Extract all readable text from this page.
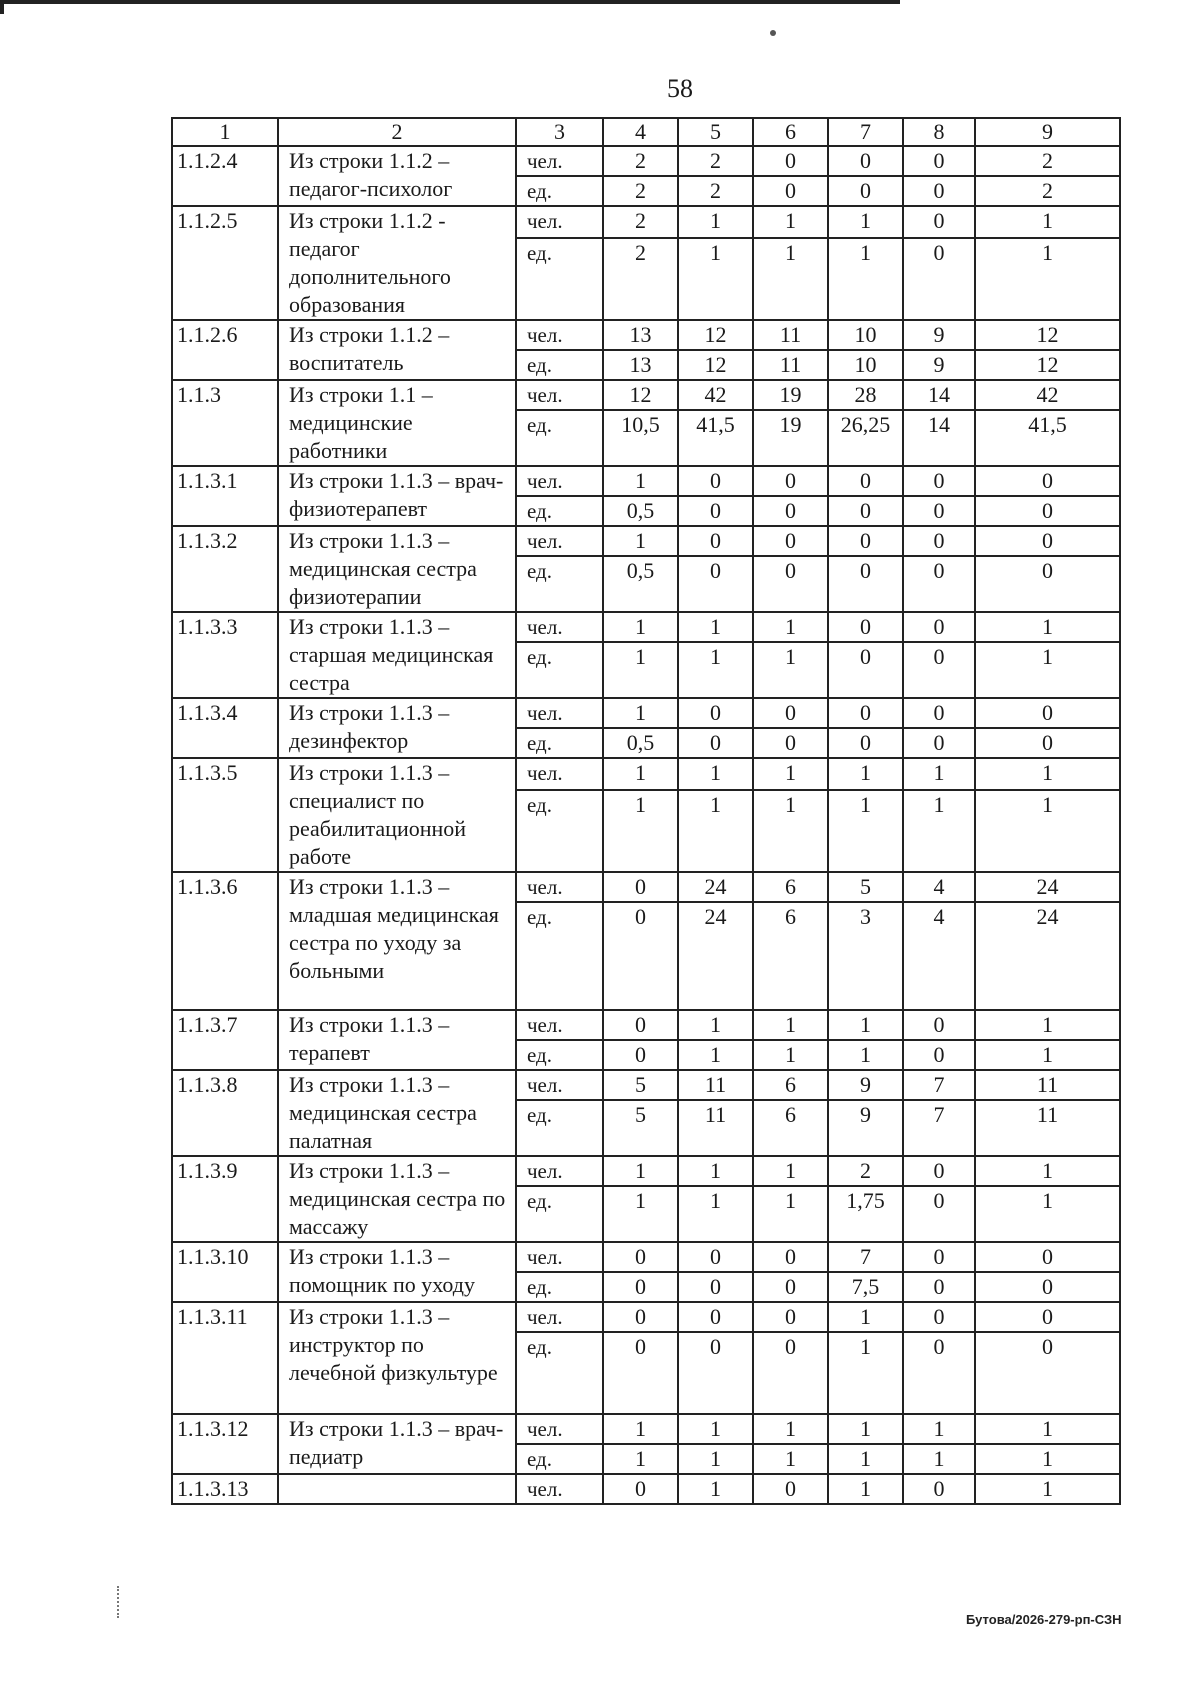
58
1	2	3	4	5	6	7	8	9
1.1.2.4	Из строки 1.1.2 – педагог-психолог	чел.	2	2	0	0	0	2
		ед.	2	2	0	0	0	2
1.1.2.5	Из строки 1.1.2 - педагог дополнительного образования	чел.	2	1	1	1	0	1
		ед.	2	1	1	1	0	1
1.1.2.6	Из строки 1.1.2 – воспитатель	чел.	13	12	11	10	9	12
		ед.	13	12	11	10	9	12
1.1.3	Из строки 1.1 – медицинские работники	чел.	12	42	19	28	14	42
		ед.	10,5	41,5	19	26,25	14	41,5
1.1.3.1	Из строки 1.1.3 – врач-физиотерапевт	чел.	1	0	0	0	0	0
		ед.	0,5	0	0	0	0	0
1.1.3.2	Из строки 1.1.3 – медицинская сестра физиотерапии	чел.	1	0	0	0	0	0
		ед.	0,5	0	0	0	0	0
1.1.3.3	Из строки 1.1.3 – старшая медицинская сестра	чел.	1	1	1	0	0	1
		ед.	1	1	1	0	0	1
1.1.3.4	Из строки 1.1.3 – дезинфектор	чел.	1	0	0	0	0	0
		ед.	0,5	0	0	0	0	0
1.1.3.5	Из строки 1.1.3 – специалист по реабилитационной работе	чел.	1	1	1	1	1	1
		ед.	1	1	1	1	1	1
1.1.3.6	Из строки 1.1.3 – младшая медицинская сестра по уходу за больными	чел.	0	24	6	5	4	24
		ед.	0	24	6	3	4	24
1.1.3.7	Из строки 1.1.3 – терапевт	чел.	0	1	1	1	0	1
		ед.	0	1	1	1	0	1
1.1.3.8	Из строки 1.1.3 – медицинская сестра палатная	чел.	5	11	6	9	7	11
		ед.	5	11	6	9	7	11
1.1.3.9	Из строки 1.1.3 – медицинская сестра по массажу	чел.	1	1	1	2	0	1
		ед.	1	1	1	1,75	0	1
1.1.3.10	Из строки 1.1.3 – помощник по уходу	чел.	0	0	0	7	0	0
		ед.	0	0	0	7,5	0	0
1.1.3.11	Из строки 1.1.3 – инструктор по лечебной физкультуре	чел.	0	0	0	1	0	0
		ед.	0	0	0	1	0	0
1.1.3.12	Из строки 1.1.3 – врач-педиатр	чел.	1	1	1	1	1	1
		ед.	1	1	1	1	1	1
1.1.3.13		чел.	0	1	0	1	0	1
Бутова/2026-279-рп-СЗН
